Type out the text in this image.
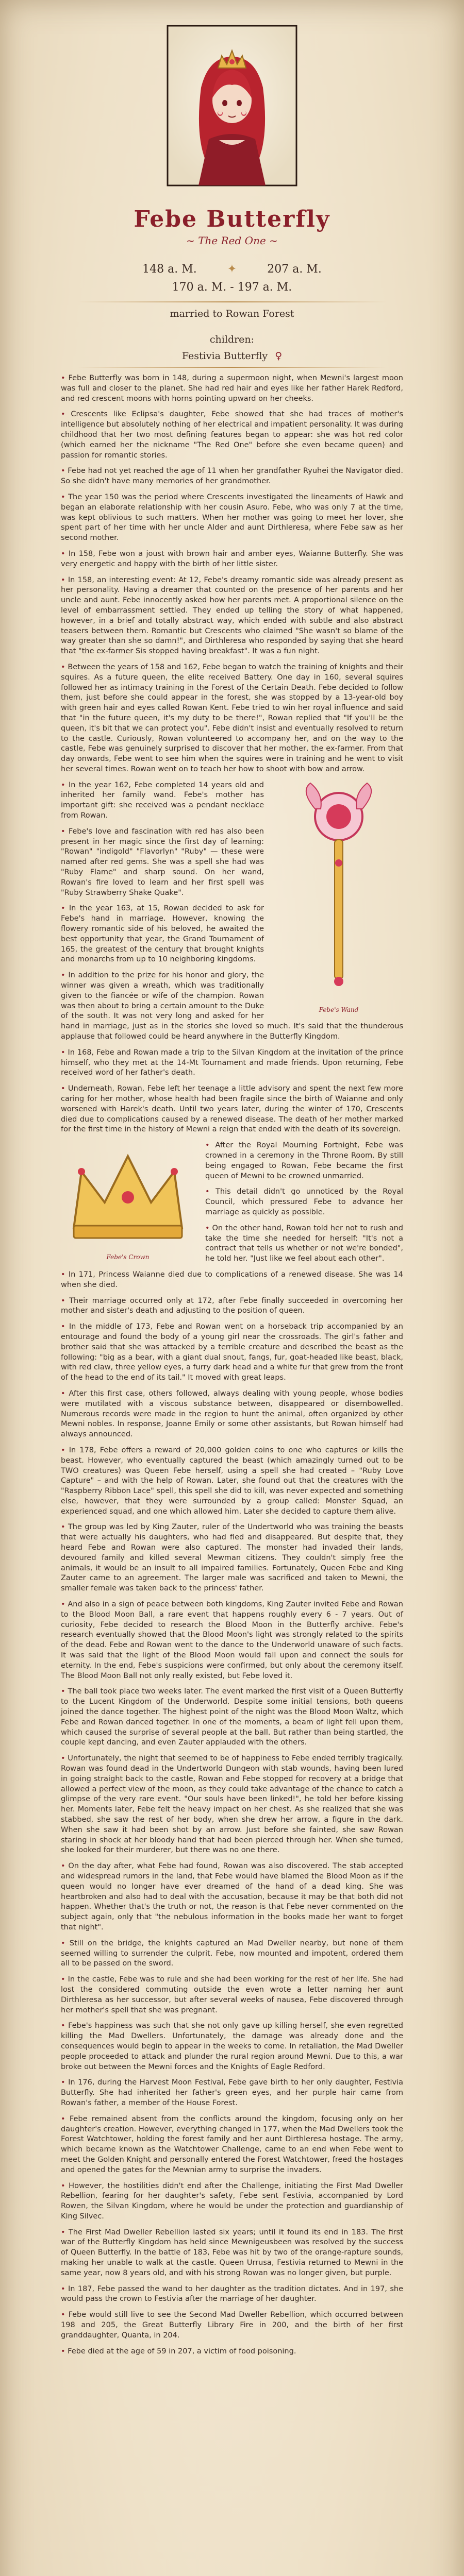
Febe Butterfly
~ The Red One ~
148 a. M.	✦	207 a. M.
170 a. M. - 197 a. M.
married to Rowan Forest
children:
Festivia Butterfly ♀

• Febe Butterfly was born in 148, during a supermoon night, when Mewni's largest moon was full and closer to the planet. She had red hair and eyes like her father Harek Redford, and red crescent moons with horns pointing upward on her cheeks.

• Crescents like Eclipsa's daughter, Febe showed that she had traces of mother's intelligence but absolutely nothing of her electrical and impatient personality. It was during childhood that her two most defining features began to appear: she was hot red color (which earned her the nickname "The Red One" before she even became queen) and passion for romantic stories.

• Febe had not yet reached the age of 11 when her grandfather Ryuhei the Navigator died. So she didn't have many memories of her grandmother.

• The year 150 was the period where Crescents investigated the lineaments of Hawk and began an elaborate relationship with her cousin Asuro. Febe, who was only 7 at the time, was kept oblivious to such matters. When her mother was going to meet her lover, she spent part of her time with her uncle Alder and aunt Dirthleresa, where Febe saw as her second mother.

• In 158, Febe won a joust with brown hair and amber eyes, Waianne Butterfly. She was very energetic and happy with the birth of her little sister.

• In 158, an interesting event: At 12, Febe's dreamy romantic side was already present as her personality. Having a dreamer that counted on the presence of her parents and her uncle and aunt. Febe innocently asked how her parents met. A proportional silence on the level of embarrassment settled. They ended up telling the story of what happened, however, in a brief and totally abstract way, which ended with subtle and also abstract teasers between them. Romantic but Crescents who claimed "She wasn't so blame of the way greater than she so damn!", and Dirthleresa who responded by saying that she heard that "the ex-farmer Sis stopped having breakfast". It was a fun night.

• Between the years of 158 and 162, Febe began to watch the training of knights and their squires. As a future queen, the elite received Battery. One day in 160, several squires followed her as intimacy training in the Forest of the Certain Death. Febe decided to follow them, just before she could appear in the forest, she was stopped by a 13-year-old boy with green hair and eyes called Rowan Kent. Febe tried to win her royal influence and said that "in the future queen, it's my duty to be there!", Rowan replied that "If you'll be the queen, it's bit that we can protect you". Febe didn't insist and eventually resolved to return to the castle. Curiously, Rowan volunteered to accompany her, and on the way to the castle, Febe was genuinely surprised to discover that her mother, the ex-farmer. From that day onwards, Febe went to see him when the squires were in training and he went to visit her several times. Rowan went on to teach her how to shoot with bow and arrow.

Febe's Wand

• In the year 162, Febe completed 14 years old and inherited her family wand. Febe's mother has important gift: she received was a pendant necklace from Rowan.

• Febe's love and fascination with red has also been present in her magic since the first day of learning: "Rowan" "indigold" "Flavorlyn" "Ruby" — these were named after red gems. She was a spell she had was "Ruby Flame" and sharp sound. On her wand, Rowan's fire loved to learn and her first spell was "Ruby Strawberry Shake Quake".

• In the year 163, at 15, Rowan decided to ask for Febe's hand in marriage. However, knowing the flowery romantic side of his beloved, he awaited the best opportunity that year, the Grand Tournament of 165, the greatest of the century that brought knights and monarchs from up to 10 neighboring kingdoms.

• In addition to the prize for his honor and glory, the winner was given a wreath, which was traditionally given to the fiancée or wife of the champion. Rowan was then about to bring a certain amount to the Duke of the south. It was not very long and asked for her hand in marriage, just as in the stories she loved so much. It's said that the thunderous applause that followed could be heard anywhere in the Butterfly Kingdom.

• In 168, Febe and Rowan made a trip to the Silvan Kingdom at the invitation of the prince himself, who they met at the 14-Mt Tournament and made friends. Upon returning, Febe received word of her father's death.

• Underneath, Rowan, Febe left her teenage a little advisory and spent the next few more caring for her mother, whose health had been fragile since the birth of Waianne and only worsened with Harek's death. Until two years later, during the winter of 170, Crescents died due to complications caused by a renewed disease. The death of her mother marked for the first time in the history of Mewni a reign that ended with the death of its sovereign.

Febe's Crown

• After the Royal Mourning Fortnight, Febe was crowned in a ceremony in the Throne Room. By still being engaged to Rowan, Febe became the first queen of Mewni to be crowned unmarried.

• This detail didn't go unnoticed by the Royal Council, which pressured Febe to advance her marriage as quickly as possible.

• On the other hand, Rowan told her not to rush and take the time she needed for herself: "It's not a contract that tells us whether or not we're bonded", he told her. "Just like we feel about each other".

• In 171, Princess Waianne died due to complications of a renewed disease. She was 14 when she died.

• Their marriage occurred only at 172, after Febe finally succeeded in overcoming her mother and sister's death and adjusting to the position of queen.

• In the middle of 173, Febe and Rowan went on a horseback trip accompanied by an entourage and found the body of a young girl near the crossroads. The girl's father and brother said that she was attacked by a terrible creature and described the beast as the following: "big as a bear, with a giant dual snout, fangs, fur, goat-headed like beast, black, with red claw, three yellow eyes, a furry dark head and a white fur that grew from the front of the head to the end of its tail." It moved with great leaps.

• After this first case, others followed, always dealing with young people, whose bodies were mutilated with a viscous substance between, disappeared or disembowelled. Numerous records were made in the region to hunt the animal, often organized by other Mewni nobles. In response, Joanne Emily or some other assistants, but Rowan himself had always announced.

• In 178, Febe offers a reward of 20,000 golden coins to one who captures or kills the beast. However, who eventually captured the beast (which amazingly turned out to be TWO creatures) was Queen Febe herself, using a spell she had created – "Ruby Love Capture" – and with the help of Rowan. Later, she found out that the creatures with the "Raspberry Ribbon Lace" spell, this spell she did to kill, was never expected and something else, however, that they were surrounded by a group called: Monster Squad, an experienced squad, and one which allowed him. Later she decided to capture them alive.

• The group was led by King Zauter, ruler of the Undertworld who was training the beasts that were actually his daughters, who had fled and disappeared. But despite that, they heard Febe and Rowan were also captured. The monster had invaded their lands, devoured family and killed several Mewman citizens. They couldn't simply free the animals, it would be an insult to all impaired families. Fortunately, Queen Febe and King Zauter came to an agreement. The larger male was sacrificed and taken to Mewni, the smaller female was taken back to the princess' father.

• And also in a sign of peace between both kingdoms, King Zauter invited Febe and Rowan to the Blood Moon Ball, a rare event that happens roughly every 6 - 7 years. Out of curiosity, Febe decided to research the Blood Moon in the Butterfly archive. Febe's research eventually showed that the Blood Moon's light was strongly related to the spirits of the dead. Febe and Rowan went to the dance to the Underworld unaware of such facts. It was said that the light of the Blood Moon would fall upon and connect the souls for eternity. In the end, Febe's suspicions were confirmed, but only about the ceremony itself. The Blood Moon Ball not only really existed, but Febe loved it.

• The ball took place two weeks later. The event marked the first visit of a Queen Butterfly to the Lucent Kingdom of the Underworld. Despite some initial tensions, both queens joined the dance together. The highest point of the night was the Blood Moon Waltz, which Febe and Rowan danced together. In one of the moments, a beam of light fell upon them, which caused the surprise of several people at the ball. But rather than being startled, the couple kept dancing, and even Zauter applauded with the others.

• Unfortunately, the night that seemed to be of happiness to Febe ended terribly tragically. Rowan was found dead in the Undertworld Dungeon with stab wounds, having been lured in going straight back to the castle, Rowan and Febe stopped for recovery at a bridge that allowed a perfect view of the moon, as they could take advantage of the chance to catch a glimpse of the very rare event. "Our souls have been linked!", he told her before kissing her. Moments later, Febe felt the heavy impact on her chest. As she realized that she was stabbed, she saw the rest of her body, when she drew her arrow, a figure in the dark. When she saw it had been shot by an arrow. Just before she fainted, she saw Rowan staring in shock at her bloody hand that had been pierced through her. When she turned, she looked for their murderer, but there was no one there.

• On the day after, what Febe had found, Rowan was also discovered. The stab accepted and widespread rumors in the land, that Febe would have blamed the Blood Moon as if the queen would no longer have ever dreamed of the hand of a dead king. She was heartbroken and also had to deal with the accusation, because it may be that both did not happen. Whether that's the truth or not, the reason is that Febe never commented on the subject again, only that "the nebulous information in the books made her want to forget that night".

• Still on the bridge, the knights captured an Mad Dweller nearby, but none of them seemed willing to surrender the culprit. Febe, now mounted and impotent, ordered them all to be passed on the sword.

• In the castle, Febe was to rule and she had been working for the rest of her life. She had lost the considered commuting outside the even wrote a letter naming her aunt Dirthleresa as her successor, but after several weeks of nausea, Febe discovered through her mother's spell that she was pregnant.

• Febe's happiness was such that she not only gave up killing herself, she even regretted killing the Mad Dwellers. Unfortunately, the damage was already done and the consequences would begin to appear in the weeks to come. In retaliation, the Mad Dweller people proceeded to attack and plunder the rural region around Mewni. Due to this, a war broke out between the Mewni forces and the Knights of Eagle Redford.

• In 176, during the Harvest Moon Festival, Febe gave birth to her only daughter, Festivia Butterfly. She had inherited her father's green eyes, and her purple hair came from Rowan's father, a member of the House Forest.

• Febe remained absent from the conflicts around the kingdom, focusing only on her daughter's creation. However, everything changed in 177, when the Mad Dwellers took the Forest Watchtower, holding the forest family and her aunt Dirthleresa hostage. The army, which became known as the Watchtower Challenge, came to an end when Febe went to meet the Golden Knight and personally entered the Forest Watchtower, freed the hostages and opened the gates for the Mewnian army to surprise the invaders.

• However, the hostilities didn't end after the Challenge, initiating the First Mad Dweller Rebellion, fearing for her daughter's safety, Febe sent Festivia, accompanied by Lord Rowen, the Silvan Kingdom, where he would be under the protection and guardianship of King Silvec.

• The First Mad Dweller Rebellion lasted six years; until it found its end in 183. The first war of the Butterfly Kingdom has held since Mewnigeusbeen was resolved by the success of Queen Butterfly. In the battle of 183, Febe was hit by two of the orange-rapture sounds, making her unable to walk at the castle. Queen Urrusa, Festivia returned to Mewni in the same year, now 8 years old, and with his strong Rowan was no longer given, but purple.

• In 187, Febe passed the wand to her daughter as the tradition dictates. And in 197, she would pass the crown to Festivia after the marriage of her daughter.

• Febe would still live to see the Second Mad Dweller Rebellion, which occurred between 198 and 205, the Great Butterfly Library Fire in 200, and the birth of her first granddaughter, Quanta, in 204.

• Febe died at the age of 59 in 207, a victim of food poisoning.
